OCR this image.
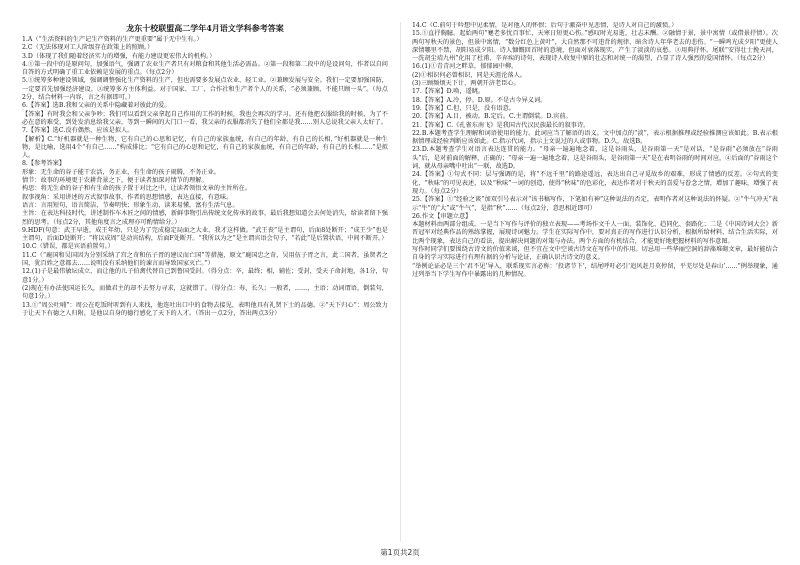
龙东十校联盟高二学年4月语文学科参考答案

1.A（“生活资料的生产记生产资料的生产更重要”属于无中生有。）

2.C（无法体现对工人阶级存在政策上的照顾。）

3.D（体现了我们随着经济实力的增强，有能力建设更宏伟大的机构。）

4.①第一段中的是原问句，加强语气，强调了农业生产者只有对粮食和其他生活必需品。②第一段和第二段中的是设问句，作者以自问自答的方式明确了重工业依赖是发展的重点。（每点2分）

5.①统筹多种建设领域，强调调整强化生产资料的生产，但也需要多发展点农业、轻工业。②兼顾发展与安全。我们一定要加强国防，一定要首先加强经济建设。③统筹多方主体利益。对于国家、工厂、合作社和生产者个人的关系，“必须兼顾，不能只顾一头”。（每点2分，结合材料一内容，言之有据即可。）

6.【答案】选B.我和父亲的关系中隐藏着对彼此的爱。

【答案】有时我会和父亲争吵；我们可以看到父亲拿起自己作用的工作的时候，我也会再次的学习。还有他把衣服给我的时候，为了不必在意的难受，到处发消息给我父亲，等到一瞬间的大门口一看，我父亲的衣服都消失了他们全都是我……别人总说我父亲人太好了。

7.【答案】选C.没有偶然，应该是拟人。

【解析】C.“好机器就是一种生物，它有自己的心思和记忆，有自己的家族血统，有自己的年龄，有自己的长相，”好机器就是一种生物，是比喻，选用4个“有自己……”构成排比；“它有自己的心思和记忆，有自己的家族血统，有自己的年龄，有自己的长相……”是拟人。

8.【参考答案】

形象：无生命的谷子能干农活，务正业，有生命的孩子闹腾，不务正业。

情节：故事的环境更于农耕背景之下，便于读者加深对情节的理解。

构思：将无生命的谷子和有生命的孩子置于对比之中，让读者领悟文章的主旨所在。

叙事视角：采用讲述的方式叙事故事，作者的思想情感，表达直接，有意味。

语言：言用短句，语言简洁，节奏明快；形象生动，读来易懂，富有生活气息。

主旨：在表达科技时代，讲述制作车木匠之间的情感，新鲜事物引出传统文化传承的故事，最后我想知道会去何处消失，给读者留下强烈的思考。（每点2分，其他角度言之成理亦可酌情给分。）

9.HDF(句意：武王早逝，成王年幼，只是为了完成稳定局面之大业，我才这样做。“武王丧”是主谓句，后面8处断开；“成王少”也是主谓句，后面D处断开；“将以成周”是动宾结构，后面F处断开。“我所以为之”是主谓宾语会句子，“若此”是后置状语，中间不断开。）

10.C（错误，都是宾语前置句。）

11.C（“鹿国和吴国因为分别采纳了宫之奇和伍子胥的建议而亡国”等措施，原文“鹿国忠之奇，吴用伍子胥之言，此二国者，虽贤者之国，犹百姓之意都去……说明没有采纳他们的谏言而导致国家灭亡。”）

12.(1)子是最伟敏坛成立，而让他的儿子伯禽代替自己到鲁国受封。（得分点：卒，最终；相，辅佐；受封，受天子命封地，各1分，句意1分。）

(2)现在有办法使国运长久，而做君主的却不去努力寻求，这就错了。（得分点：寿，长久；一般者，……，主语；动词谓语，倒装句，句意1分。）

13.①“周公吐哺”：周公在吃饭时听到有人来找，他连吐出口中的食物去接见，表明他具有礼贤下士的品德。②“天下归心”：周公致力于让天下有德之人归附，是他以自身的德行感化了天下的人才。（答出一点2分，答出两点3分）

14.C（C.前句于吟想中见柔情，是对他人的怀恨；后句于激奋中见悲情，是诗人对自己的激愤。）

15.①直抒胸臆。起始两句“蹇老多忧百事忙，天寒日短更心伤。”感叹时光易逝，壮志未酬。②融情于景，景中寓情（或借景抒情）。次两句写秋天的景色，但景中寓情，“数分红色上黄叶”，大自然那不可违背的规律，暗含诗人年华老去的悲伤。“一瞬鸣光成夕阳”更使人深情哪里不禁，胡阳易成夕阳。诗人慷慨回首时的意境，但面对衰落现实，产生了淡淡的哀愁。③用典抒怀。尾联“安得壮士挽天河，一洗胡尘靖九州”化用了杜甫、辛弃疾的诗句，表现诗人收复中原的壮志和对统一的渴望，凸显了诗人强烈的爱国情怀。（每点2分）

16.(1)①青青河之畔草，郁郁园中柳。

(2)①相识何必曾相识，同是天涯沦落人。

(3)三顾频烦天下计，两朝开济老臣心。

17.【答案】D.唤，遥眺。

18.【答案】A.冷，停。D.原。不是古今异义词。

19.【答案】C.但，只是，没有语意。

20.【答案】A.目，被动。B.定后。C.主谓倒装。D.宾前。

21.【答案】C.《孔雀东南飞》是我国古代汉民族最长的叙事诗。

22.B.本题考查学生理解和词语使用的能力。此词应当了解语的语义。文中加点的“淡”，表示根据推理或经验推测应该如此。B.表示根据情理或经验判断应该如此。C.指示代词，指示上文说过的人或事物。D.久，故选B。

23.D.本题考查学生对语言表达连贯的能力。“母亲一遍遍地念着，这是谷雨头，是谷雨第一天”是对话，“是谷雨”必须放在“谷雨头”后，是对前面的解释，正确的；“母亲一遍一遍地念着，这是谷雨头，是谷雨第一天”是在表明谷雨的时间对应，④后面的“谷雨这个词，就从母亲嘴中吐出”一联，故选D。

24.【答案】①句式不同：层与强调的是，将“不远千里”的路途遥远，表达出自己寻觅故乡的艰难，形成了情感的反差。②句式的变化，“秋味”的可见表述，以及“秋味”一词的创造，使得“秋味”的色彩化，表达作者对于秋天的喜爱与眷念之情，增加了趣味，增强了表现力。（每点2分）

25.【答案】①“经验之谈”加双引号表示对“该书稿写作，下笔如有神”这种说法的否定，表明作者对这种说法的怀疑。②“牛气冲天”表示“牛”的“大”或“牛气”，是指“秋”……（每点2分，意思相近即可）

26.作文【审题立意】

本题材料由两部分组成，一是当下写作与评价的独立表现——考场作文千人一面，装饰化、趋同化、套路化；二是《中国诗词大会》新晋冠军对经典作品的熟练掌握，展现诗词魅力。学生在实际写作中，要对真正的写作进行认识分析，根据所给材料，结合生活实际，对比两个现象，表达自己的看法，提出解决问题的对策与办法。两个方面的有机结合，才能更好地把握材料的写作意图。

写作时同学们要围绕古诗文的价值来谈，但不宜在文中空谈古诗文在写作中的作用。切忌用一些华丽空洞的辞藻堆砌文章，最好能结合自身的学习实际进行有理有据的分析与论证，正确认识古诗文的意义。

“举例论证必是三个‘君不见’导入，联系现实言必称：‘投诸节下’，结尾呼吁必引‘追风赶月莫停留，平芜尽处是春山’……”例举现象，通过列举当下学生写作中暴露出的几种情况。

第1页共2页
